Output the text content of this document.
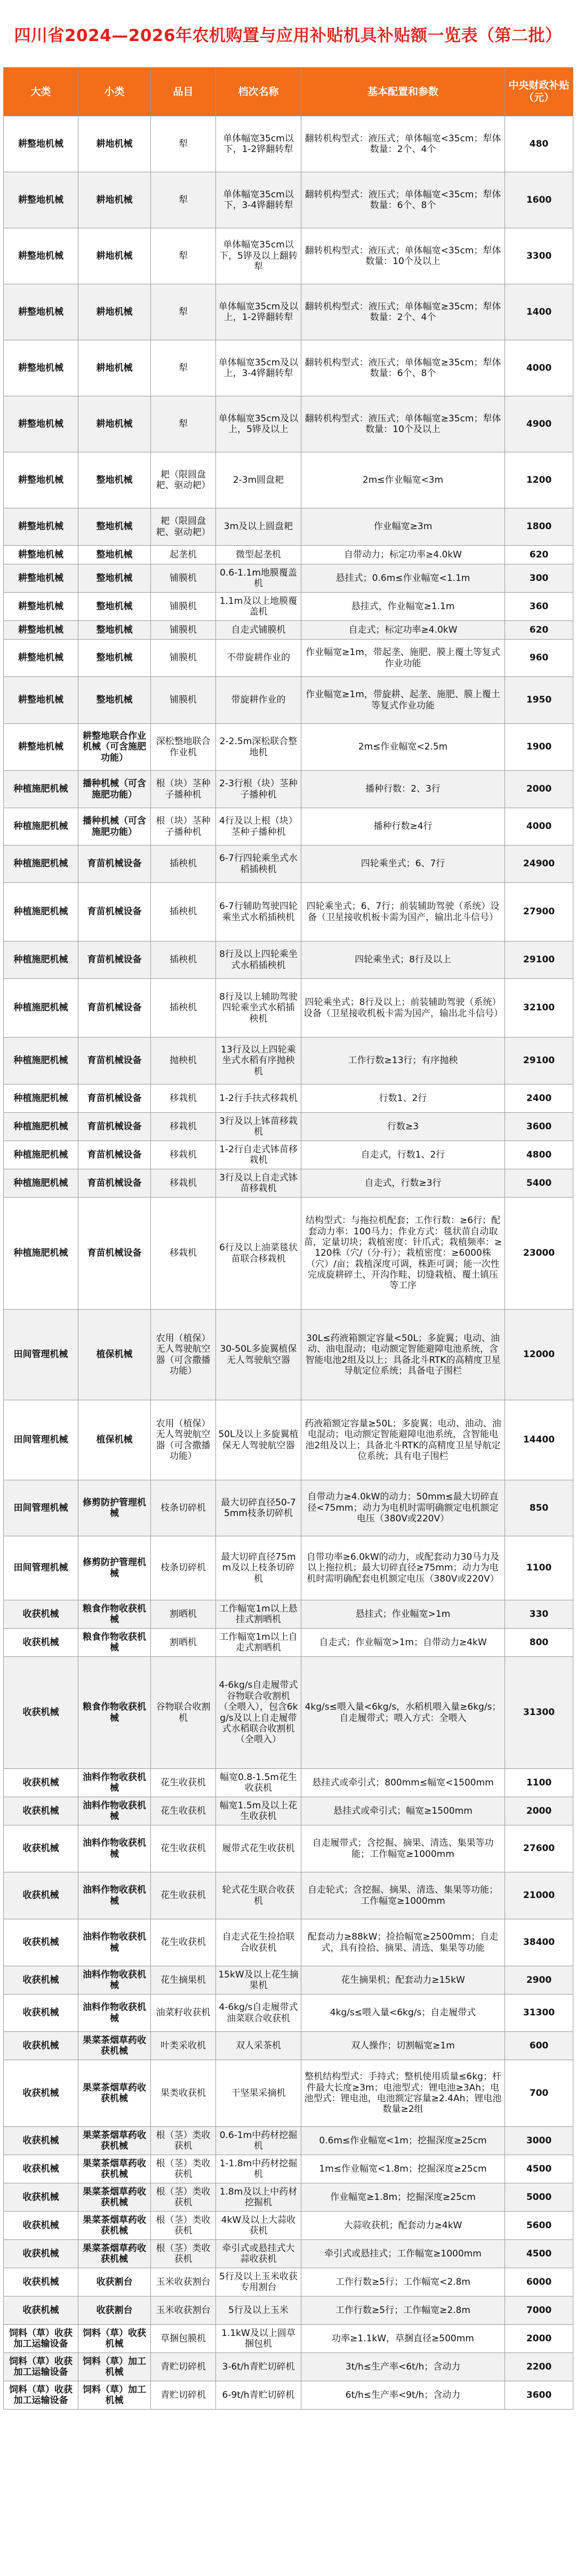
四川省2024—2026年农机购置与应用补贴机具补贴额一览表（第二批）
大类	小类	品目	档次名称	基本配置和参数	中央财政补贴（元）
耕整地机械	耕地机械	犁	单体幅宽35cm以下，1-2铧翻转犁	翻转机构型式：液压式；单体幅宽<35cm；犁体数量：2个、4个	480
耕整地机械	耕地机械	犁	单体幅宽35cm以下，3-4铧翻转犁	翻转机构型式：液压式；单体幅宽<35cm；犁体数量：6个、8个	1600
耕整地机械	耕地机械	犁	单体幅宽35cm以下，5铧及以上翻转犁	翻转机构型式：液压式；单体幅宽<35cm；犁体数量：10个及以上	3300
耕整地机械	耕地机械	犁	单体幅宽35cm及以上，1-2铧翻转犁	翻转机构型式：液压式；单体幅宽≥35cm；犁体数量：2个、4个	1400
耕整地机械	耕地机械	犁	单体幅宽35cm及以上，3-4铧翻转犁	翻转机构型式：液压式；单体幅宽≥35cm；犁体数量：6个、8个	4000
耕整地机械	耕地机械	犁	单体幅宽35cm及以上，5铧及以上	翻转机构型式：液压式；单体幅宽≥35cm；犁体数量：10个及以上	4900
耕整地机械	整地机械	耙（限圆盘耙、驱动耙）	2-3m圆盘耙	2m≤作业幅宽<3m	1200
耕整地机械	整地机械	耙（限圆盘耙、驱动耙）	3m及以上圆盘耙	作业幅宽≥3m	1800
耕整地机械	整地机械	起垄机	微型起垄机	自带动力；标定功率≥4.0kW	620
耕整地机械	整地机械	铺膜机	0.6-1.1m地膜覆盖机	悬挂式；0.6m≤作业幅宽<1.1m	300
耕整地机械	整地机械	铺膜机	1.1m及以上地膜覆盖机	悬挂式，作业幅宽≥1.1m	360
耕整地机械	整地机械	铺膜机	自走式铺膜机	自走式；标定功率≥4.0kW	620
耕整地机械	整地机械	铺膜机	不带旋耕作业的	作业幅宽≥1m，带起垄、施肥、膜上覆土等复式作业功能	960
耕整地机械	整地机械	铺膜机	带旋耕作业的	作业幅宽≥1m，带旋耕、起垄、施肥、膜上覆土等复式作业功能	1950
耕整地机械	耕整地联合作业机械（可含施肥功能）	深松整地联合作业机	2-2.5m深松联合整地机	2m≤作业幅宽<2.5m	1900
种植施肥机械	播种机械（可含施肥功能）	根（块）茎种子播种机	2-3行根（块）茎种子播种机	播种行数：2、3行	2000
种植施肥机械	播种机械（可含施肥功能）	根（块）茎种子播种机	4行及以上根（块）茎种子播种机	播种行数≥4行	4000
种植施肥机械	育苗机械设备	插秧机	6-7行四轮乘坐式水稻插秧机	四轮乘坐式；6、7行	24900
种植施肥机械	育苗机械设备	插秧机	6-7行辅助驾驶四轮乘坐式水稻插秧机	四轮乘坐式；6、7行；前装辅助驾驶（系统）设备（卫星接收机板卡需为国产，输出北斗信号）	27900
种植施肥机械	育苗机械设备	插秧机	8行及以上四轮乘坐式水稻插秧机	四轮乘坐式；8行及以上	29100
种植施肥机械	育苗机械设备	插秧机	8行及以上辅助驾驶四轮乘坐式水稻插秧机	四轮乘坐式；8行及以上；前装辅助驾驶（系统）设备（卫星接收机板卡需为国产，输出北斗信号）	32100
种植施肥机械	育苗机械设备	抛秧机	13行及以上四轮乘坐式水稻有序抛秧机	工作行数≥13行；有序抛秧	29100
种植施肥机械	育苗机械设备	移栽机	1-2行手扶式移栽机	行数1、2行	2400
种植施肥机械	育苗机械设备	移栽机	3行及以上钵苗移栽机	行数≥3	3600
种植施肥机械	育苗机械设备	移栽机	1-2行自走式钵苗移栽机	自走式，行数1、2行	4800
种植施肥机械	育苗机械设备	移栽机	3行及以上自走式钵苗移栽机	自走式，行数≥3行	5400
种植施肥机械	育苗机械设备	移栽机	6行及以上油菜毯状苗联合移栽机	结构型式：与拖拉机配套；工作行数：≥6行；配套动力率：100马力；作业方式：毯状苗自动取苗，定量切块；栽植密度：针爪式；栽植频率：≥120株（穴/（分·行）；栽植密度：≥6000株（穴）/亩；栽植深度可调，株距可调；能一次性完成旋耕碎土、开沟作畦、切缝栽植、覆土镇压等工序	23000
田间管理机械	植保机械	农用（植保）无人驾驶航空器（可含撒播功能）	30-50L多旋翼植保无人驾驶航空器	30L≤药液箱额定容量<50L；多旋翼；电动、油动、油电混动；电动额定智能避障电池系统，含智能电池2组及以上；具备北斗RTK的高精度卫星导航定位系统；具备电子围栏	12000
田间管理机械	植保机械	农用（植保）无人驾驶航空器（可含撒播功能）	50L及以上多旋翼植保无人驾驶航空器	药液箱额定容量≥50L；多旋翼；电动、油动、油电混动；电动额定智能避障电池系统，含智能电池2组及以上；具备北斗RTK的高精度卫星导航定位系统；具有电子围栏	14400
田间管理机械	修剪防护管理机械	枝条切碎机	最大切碎直径50-75mm枝条切碎机	自带动力≥4.0kW的动力；50mm≤最大切碎直径<75mm；动力为电机时需明确额定电机额定电压（380V或220V）	850
田间管理机械	修剪防护管理机械	枝条切碎机	最大切碎直径75mm及以上枝条切碎机	自带功率≥6.0kW的动力，或配套动力30马力及以上拖拉机；最大切碎直径≥75mm；动力为电机时需明确配套电机额定电压（380V或220V）	1100
收获机械	粮食作物收获机械	割晒机	工作幅宽1m以上悬挂式割晒机	悬挂式；作业幅宽>1m	330
收获机械	粮食作物收获机械	割晒机	工作幅宽1m以上自走式割晒机	自走式；作业幅宽>1m；自带动力≥4kW	800
收获机械	粮食作物收获机械	谷物联合收割机	4-6kg/s自走履带式谷物联合收割机（全喂入），包含6kg/s及以上自走履带式水稻联合收割机（全喂入）	4kg/s≤喂入量<6kg/s，水稻机喂入量≥6kg/s；自走履带式；喂入方式：全喂入	31300
收获机械	油料作物收获机械	花生收获机	幅宽0.8-1.5m花生收获机	悬挂式或牵引式；800mm≤幅宽<1500mm	1100
收获机械	油料作物收获机械	花生收获机	幅宽1.5m及以上花生收获机	悬挂式或牵引式；幅宽≥1500mm	2000
收获机械	油料作物收获机械	花生收获机	履带式花生收获机	自走履带式；含挖掘、摘果、清选、集果等功能；工作幅宽≥1000mm	27600
收获机械	油料作物收获机械	花生收获机	轮式花生联合收获机	自走轮式；含挖掘、摘果、清选、集果等功能；工作幅宽≥1000mm	21000
收获机械	油料作物收获机械	花生收获机	自走式花生捡拾联合收获机	配套动力≥88kW；捡拾幅宽≥2500mm；自走式，具有捡拾、摘果、清选、集果等功能	38400
收获机械	油料作物收获机械	花生摘果机	15kW及以上花生摘果机	花生摘果机；配套动力≥15kW	2900
收获机械	油料作物收获机械	油菜籽收获机	4-6kg/s自走履带式油菜联合收获机	4kg/s≤喂入量<6kg/s；自走履带式	31300
收获机械	果菜茶烟草药收获机械	叶类采收机	双人采茶机	双人操作；切割幅宽≥1m	600
收获机械	果菜茶烟草药收获机械	果类收获机	干坚果采摘机	整机结构型式：手持式；整机使用质量≤6kg；杆件最大长度≥3m；电池型式：锂电池≥3Ah；电池型式：锂电池，电池额定容量≥2.4Ah；锂电池数量≥2组	700
收获机械	果菜茶烟草药收获机械	根（茎）类收获机	0.6-1m中药材挖掘机	0.6m≤作业幅宽<1m；挖掘深度≥25cm	3000
收获机械	果菜茶烟草药收获机械	根（茎）类收获机	1-1.8m中药材挖掘机	1m≤作业幅宽<1.8m；挖掘深度≥25cm	4500
收获机械	果菜茶烟草药收获机械	根（茎）类收获机	1.8m及以上中药材挖掘机	作业幅宽≥1.8m；挖掘深度≥25cm	5000
收获机械	果菜茶烟草药收获机械	根（茎）类收获机	4kW及以上大蒜收获机	大蒜收获机；配套动力≥4kW	5600
收获机械	果菜茶烟草药收获机械	根（茎）类收获机	牵引式或悬挂式大蒜收获机	牵引式或悬挂式；工作幅宽≥1000mm	4500
收获机械	收获割台	玉米收获割台	5行及以上玉米收获专用割台	工作行数≥5行；工作幅宽<2.8m	6000
收获机械	收获割台	玉米收获割台	5行及以上玉米	工作行数≥5行；工作幅宽≥2.8m	7000
饲料（草）收获加工运输设备	饲料（草）收获机械	草捆包膜机	1.1kW及以上圆草捆包机	功率≥1.1kW，草捆直径≥500mm	2000
饲料（草）收获加工运输设备	饲料（草）加工机械	青贮切碎机	3-6t/h青贮切碎机	3t/h≤生产率<6t/h；含动力	2200
饲料（草）收获加工运输设备	饲料（草）加工机械	青贮切碎机	6-9t/h青贮切碎机	6t/h≤生产率<9t/h；含动力	3600
